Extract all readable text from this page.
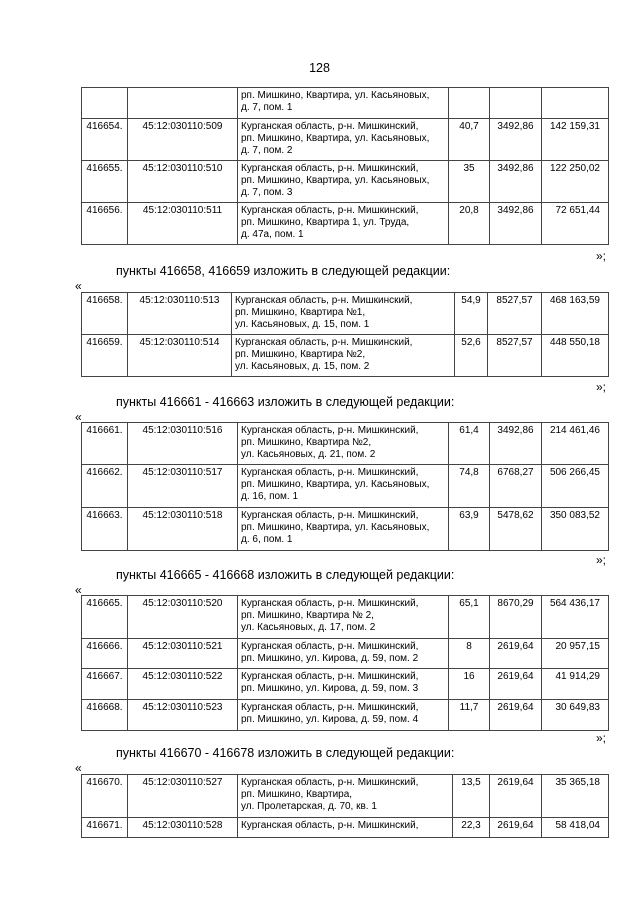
128

		рп. Мишкино, Квартира, ул. Касьяновых,
д. 7, пом. 1			

416654.	45:12:030110:509	Курганская область, р-н. Мишкинский,
рп. Мишкино, Квартира, ул. Касьяновых,
д. 7, пом. 2	40,7	3492,86	142 159,31
416655.	45:12:030110:510	Курганская область, р-н. Мишкинский,
рп. Мишкино, Квартира, ул. Касьяновых,
д. 7, пом. 3	35	3492,86	122 250,02
416656.	45:12:030110:511	Курганская область, р-н. Мишкинский,
рп. Мишкино, Квартира 1, ул. Труда,
д. 47а, пом. 1	20,8	3492,86	72 651,44
»;
пункты 416658, 416659 изложить в следующей редакции:
«
416658.	45:12:030110:513	Курганская область, р-н. Мишкинский,
рп. Мишкино, Квартира №1,
ул. Касьяновых, д. 15, пом. 1	54,9	8527,57	468 163,59
416659.	45:12:030110:514	Курганская область, р-н. Мишкинский,
рп. Мишкино, Квартира №2,
ул. Касьяновых, д. 15, пом. 2	52,6	8527,57	448 550,18
»;
пункты 416661 - 416663 изложить в следующей редакции:
«
416661.	45:12:030110:516	Курганская область, р-н. Мишкинский,
рп. Мишкино, Квартира №2,
ул. Касьяновых, д. 21, пом. 2	61,4	3492,86	214 461,46
416662.	45:12:030110:517	Курганская область, р-н. Мишкинский,
рп. Мишкино, Квартира, ул. Касьяновых,
д. 16, пом. 1	74,8	6768,27	506 266,45
416663.	45:12:030110:518	Курганская область, р-н. Мишкинский,
рп. Мишкино, Квартира, ул. Касьяновых,
д. 6, пом. 1	63,9	5478,62	350 083,52
»;
пункты 416665 - 416668 изложить в следующей редакции:
«
416665.	45:12:030110:520	Курганская область, р-н. Мишкинский,
рп. Мишкино, Квартира № 2,
ул. Касьяновых, д. 17, пом. 2	65,1	8670,29	564 436,17
416666.	45:12:030110:521	Курганская область, р-н. Мишкинский,
рп. Мишкино, ул. Кирова, д. 59, пом. 2	8	2619,64	20 957,15
416667.	45:12:030110:522	Курганская область, р-н. Мишкинский,
рп. Мишкино, ул. Кирова, д. 59, пом. 3	16	2619,64	41 914,29
416668.	45:12:030110:523	Курганская область, р-н. Мишкинский,
рп. Мишкино, ул. Кирова, д. 59, пом. 4	11,7	2619,64	30 649,83
»;
пункты 416670 - 416678 изложить в следующей редакции:
«
416670.	45:12:030110:527	Курганская область, р-н. Мишкинский,
рп. Мишкино, Квартира,
ул. Пролетарская, д. 70, кв. 1	13,5	2619,64	35 365,18
416671.	45:12:030110:528	Курганская область, р-н. Мишкинский,	22,3	2619,64	58 418,04
